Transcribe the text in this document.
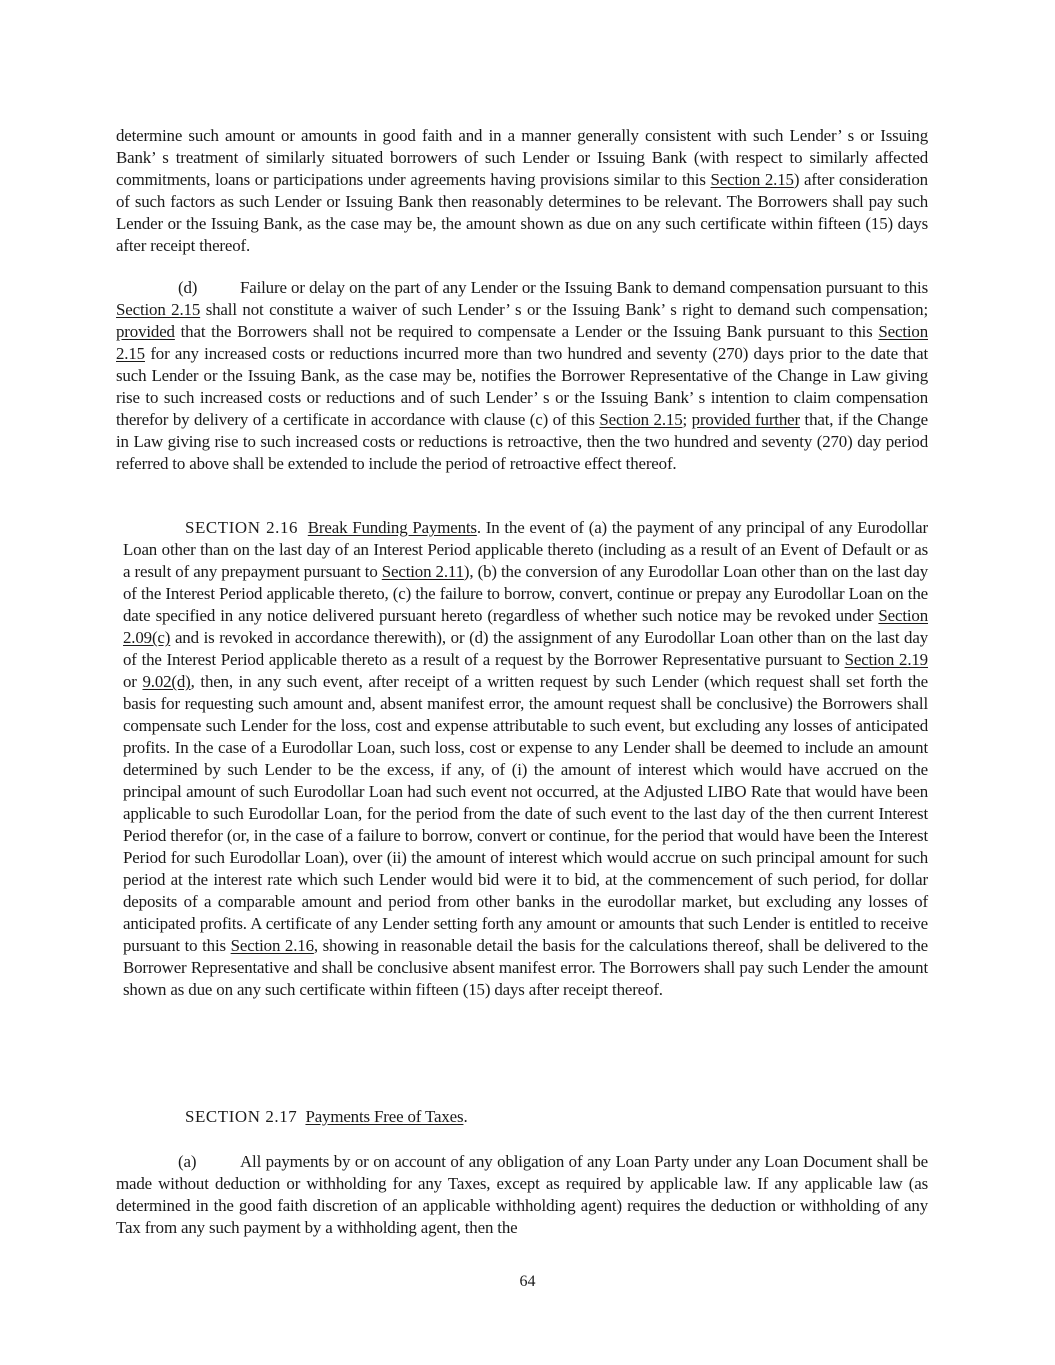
determine such amount or amounts in good faith and in a manner generally consistent with such Lender’ s or Issuing Bank’ s treatment of similarly situated borrowers of such Lender or Issuing Bank (with respect to similarly affected commitments, loans or participations under agreements having provisions similar to this Section 2.15) after consideration of such factors as such Lender or Issuing Bank then reasonably determines to be relevant. The Borrowers shall pay such Lender or the Issuing Bank, as the case may be, the amount shown as due on any such certificate within fifteen (15) days after receipt thereof.

(d)	Failure or delay on the part of any Lender or the Issuing Bank to demand compensation pursuant to this Section 2.15 shall not constitute a waiver of such Lender’ s or the Issuing Bank’ s right to demand such compensation; provided that the Borrowers shall not be required to compensate a Lender or the Issuing Bank pursuant to this Section 2.15 for any increased costs or reductions incurred more than two hundred and seventy (270) days prior to the date that such Lender or the Issuing Bank, as the case may be, notifies the Borrower Representative of the Change in Law giving rise to such increased costs or reductions and of such Lender’ s or the Issuing Bank’ s intention to claim compensation therefor by delivery of a certificate in accordance with clause (c) of this Section 2.15; provided further that, if the Change in Law giving rise to such increased costs or reductions is retroactive, then the two hundred and seventy (270) day period referred to above shall be extended to include the period of retroactive effect thereof.

SECTION 2.16 Break Funding Payments. In the event of (a) the payment of any principal of any Eurodollar Loan other than on the last day of an Interest Period applicable thereto (including as a result of an Event of Default or as a result of any prepayment pursuant to Section 2.11), (b) the conversion of any Eurodollar Loan other than on the last day of the Interest Period applicable thereto, (c) the failure to borrow, convert, continue or prepay any Eurodollar Loan on the date specified in any notice delivered pursuant hereto (regardless of whether such notice may be revoked under Section 2.09(c) and is revoked in accordance therewith), or (d) the assignment of any Eurodollar Loan other than on the last day of the Interest Period applicable thereto as a result of a request by the Borrower Representative pursuant to Section 2.19 or 9.02(d), then, in any such event, after receipt of a written request by such Lender (which request shall set forth the basis for requesting such amount and, absent manifest error, the amount request shall be conclusive) the Borrowers shall compensate such Lender for the loss, cost and expense attributable to such event, but excluding any losses of anticipated profits. In the case of a Eurodollar Loan, such loss, cost or expense to any Lender shall be deemed to include an amount determined by such Lender to be the excess, if any, of (i) the amount of interest which would have accrued on the principal amount of such Eurodollar Loan had such event not occurred, at the Adjusted LIBO Rate that would have been applicable to such Eurodollar Loan, for the period from the date of such event to the last day of the then current Interest Period therefor (or, in the case of a failure to borrow, convert or continue, for the period that would have been the Interest Period for such Eurodollar Loan), over (ii) the amount of interest which would accrue on such principal amount for such period at the interest rate which such Lender would bid were it to bid, at the commencement of such period, for dollar deposits of a comparable amount and period from other banks in the eurodollar market, but excluding any losses of anticipated profits. A certificate of any Lender setting forth any amount or amounts that such Lender is entitled to receive pursuant to this Section 2.16, showing in reasonable detail the basis for the calculations thereof, shall be delivered to the Borrower Representative and shall be conclusive absent manifest error. The Borrowers shall pay such Lender the amount shown as due on any such certificate within fifteen (15) days after receipt thereof.

SECTION 2.17 Payments Free of Taxes.

(a)	All payments by or on account of any obligation of any Loan Party under any Loan Document shall be made without deduction or withholding for any Taxes, except as required by applicable law. If any applicable law (as determined in the good faith discretion of an applicable withholding agent) requires the deduction or withholding of any Tax from any such payment by a withholding agent, then the

64
